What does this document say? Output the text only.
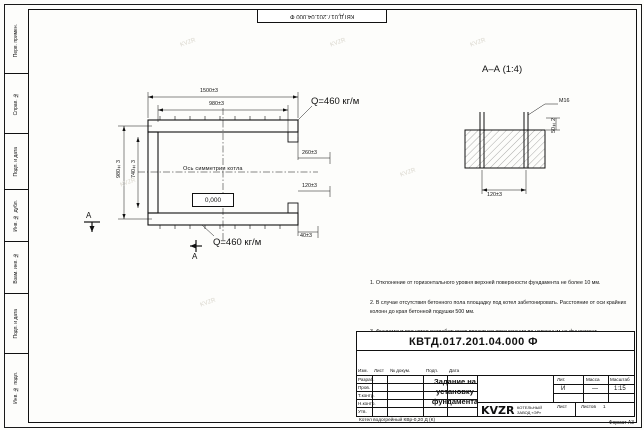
КВТД.017.201.04.000 Ф
Перв. примен.
Справ. №
Подп. и дата
Инв. № дубл.
Взам. инв. №
Подп. и дата
Инв. № подл.
1500±3
980±3
980±3 740±3
260±3
120±3
40±3
Ось симметрии котла
0,000
Q=460 кг/м
Q=460 кг/м
А
А
А–А (1:4)
М16
50±2
120±3
1. Отклонение от горизонтального уровня верхней поверхности фундамента не более 10 мм.
2. В случае отсутствия бетонного пола площадку под котел забетонировать. Расстояние от оси крайних колонн до края бетонной подушки 500 мм.
КВТД.017.201.04.000 Ф
Задание на
установку
фундамента
Изм. Лист № докум.	Подп. Дата
Разраб.
Пров.
Т.контр.
Н.контр.
Утв.
Лит.	Масса Масштаб
И	—	1:15
Лист	Листов 1
Котел водогрейный КВр-0,20 Д (К)
KVZR КОТЕЛЬНЫЙ
ЗАВОД «ЭР»
Формат А3
KVZR	KVZR	KVZR
KVZR
KVZR
KVZR
